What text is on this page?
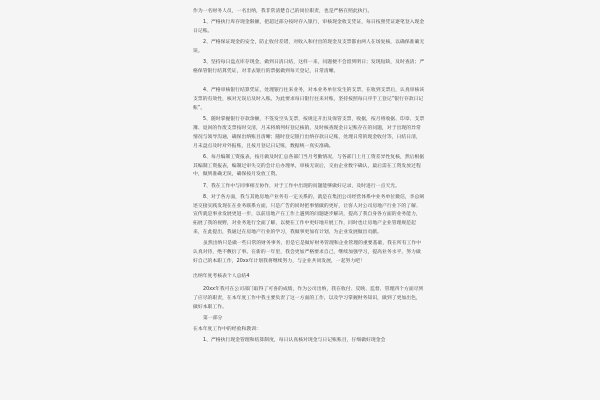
作为一名财务人员，一名出纳，我非常清楚自己的岗位职责，也是严格在照此执行。

1、严格执行库存现金限额，把超过部分按时存入银行，审核现金收支凭证，每日按照凭证逐笔登入现金日记账。

2、严格保证现金的安全，防止收付差错，对收入和付出的现金及支票都由两人在场复核，以确保准确无误。

3、坚持每日盘点库存现金，做到日清日结，这样一来，问题便不会留到明日；发现短缺，及时查清；严格保管银行结算凭证，对非去银行的票据做到每天登记，日常清晰。

4、严格审核银行结算凭证，处理银行往来业务，对本业务单位发生的支票，在收到支票后，认真审核该支票的有效性，核对无误后及时入账。为此要求每日银行往来对账，坚持按照每日序手工登记“银行存款日记账”。

5、随时掌握银行存款余额，不签发空头支票，按规定开出及保管支票，收据，按月将收据、印章、支票簿、退回的作废支票按时交清，月末将填列好登记核销，及时核查现金日记账存在的问题，对于出现的异常情况与领导沟通，确保出纳账目清晰；随时登记银行出纳存款日记账，处理日常的现金收付等，日结日清，月末盘点及时对外报账，且按月登记日记账，数据统一真实准确。

6、每月编制工资报表，按月做及时汇总各部门当月考勤情况，与各部门上月工资差异性复核，然后根据其编制工资报表，编制过审失交的会计后办理单，审核无误后，交由企业数字确认，最后需在工资发放过程中，做到准确无误，确保按月发放工资。

7、我在工作中与同事相互协作，对于工作中出现的问题能够做好记录，及时进行一点天光。

8、对于各方面，我与其他房地产业务有一定关系的，就是在集团公司经营体系中业务单位微信，李总阐述交接实践发现在在业务联系方面，只是广告的同时把事情做的更好，让客人对公司房地产行业下的了解、宣传就是事业发展更进一步，以前房地产在工作上遇到的问题逐步解决，提高了我自身各方面的业务能力，拓展了我的视野，对业务进行全面了解，以便在工作中更好地开展工作，同时也让房地产企业管理规范起来，在此提出，我通过在房地产行业的学习，我做事更加有计划，为企业发展做出贡献。

虽然出纳只是做一些日常的财务事务，但是它是做好财务管理和企业管理的重要基础，我在所有工作中认真对待，绝不敷衍了事。在新的一年里，我会更加严格要求自己，继续加强学习，提高业务水平，努力做好自己的本职工作，20xx年计划我将继续努力，与企业共同发展，一起努力吧！

出纳年度考核表个人总结4

20xx年我可在公司部门取得了可喜的成绩，作为公司出纳，我在收付、反映、监督、管理四个方面尽到了应尽的职责，在本年度工作中我主要负责了这一方面的工作，以及学习掌握财务知识，做到了更加出色，做好本职工作。

第一部分

在本年度工作中的经验和教训：

1、严格执行现金管理和结算制度，每日认真核对现金与日记账账目，仔细做好现金会
